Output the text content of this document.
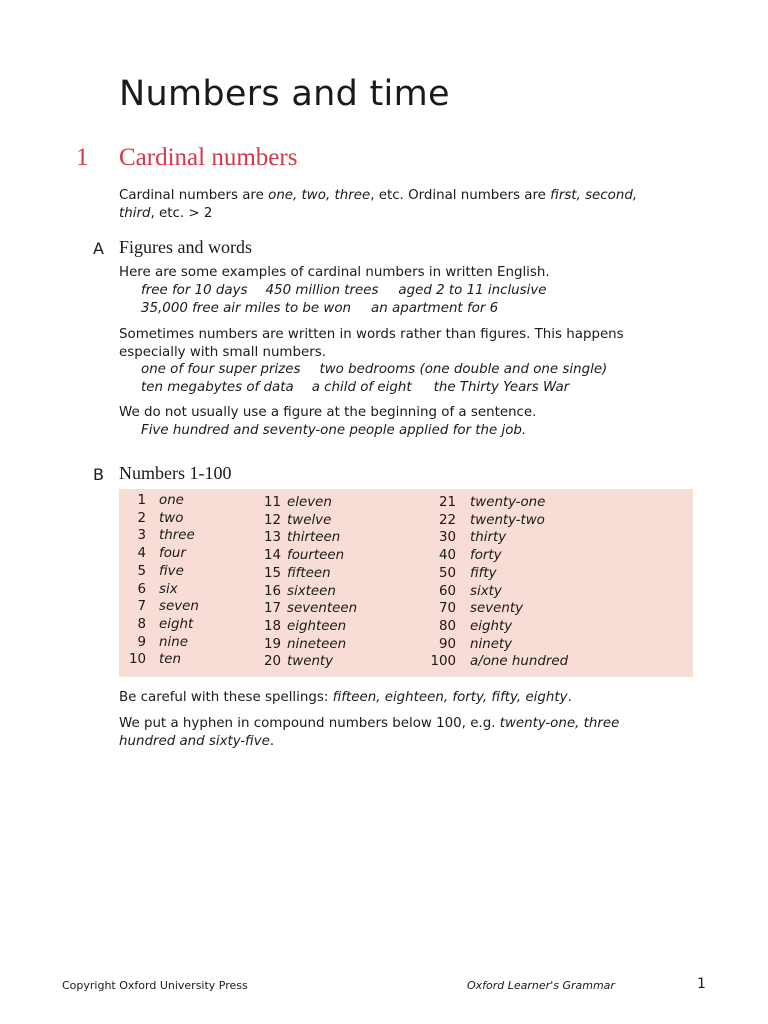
Numbers and time
1 Cardinal numbers
Cardinal numbers are one, two, three, etc. Ordinal numbers are first, second,
third, etc. > 2
A Figures and words
Here are some examples of cardinal numbers in written English.
free for 10 days 450 million trees aged 2 to 11 inclusive
35,000 free air miles to be won an apartment for 6
Sometimes numbers are written in words rather than figures. This happens
especially with small numbers.
one of four super prizes two bedrooms (one double and one single)
ten megabytes of data a child of eight the Thirty Years War
We do not usually use a figure at the beginning of a sentence.
Five hundred and seventy-one people applied for the job.
B Numbers 1-100
1 one
2 two
3 three
4 four
5 five
6 six
7 seven
8 eight
9 nine
10 ten
11 eleven
12 twelve
13 thirteen
14 fourteen
15 fifteen
16 sixteen
17 seventeen
18 eighteen
19 nineteen
20 twenty
21 twenty-one
22 twenty-two
30 thirty
40 forty
50 fifty
60 sixty
70 seventy
80 eighty
90 ninety
100 a/one hundred
Be careful with these spellings: fifteen, eighteen, forty, fifty, eighty.
We put a hyphen in compound numbers below 100, e.g. twenty-one, three
hundred and sixty-five.
Copyright Oxford University Press	Oxford Learner's Grammar	1
